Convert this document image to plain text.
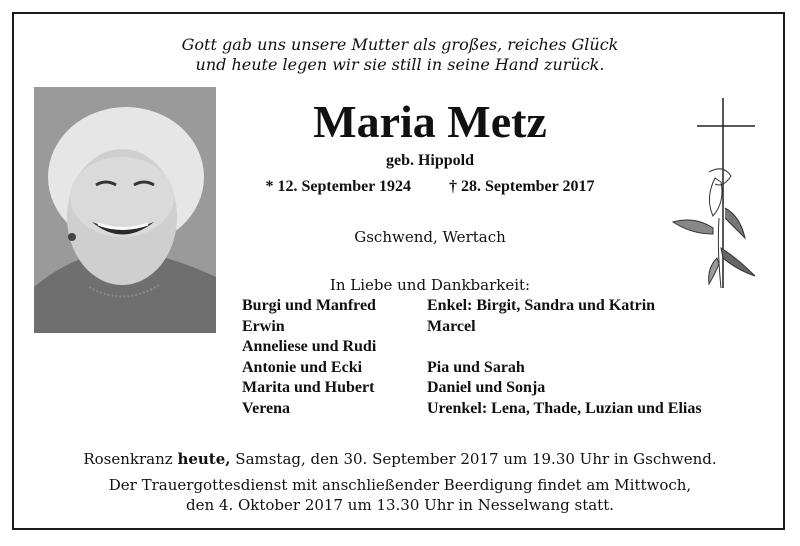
Gott gab uns unsere Mutter als großes, reiches Glück
und heute legen wir sie still in seine Hand zurück.
Maria Metz
geb. Hippold
* 12. September 1924 † 28. September 2017
Gschwend, Wertach
In Liebe und Dankbarkeit:
Burgi und Manfred
Erwin
Anneliese und Rudi
Antonie und Ecki
Marita und Hubert
Verena
Enkel: Birgit, Sandra und Katrin
Marcel
Pia und Sarah
Daniel und Sonja
Urenkel: Lena, Thade, Luzian und Elias
Rosenkranz heute, Samstag, den 30. September 2017 um 19.30 Uhr in Gschwend.
Der Trauergottesdienst mit anschließender Beerdigung findet am Mittwoch,
den 4. Oktober 2017 um 13.30 Uhr in Nesselwang statt.
